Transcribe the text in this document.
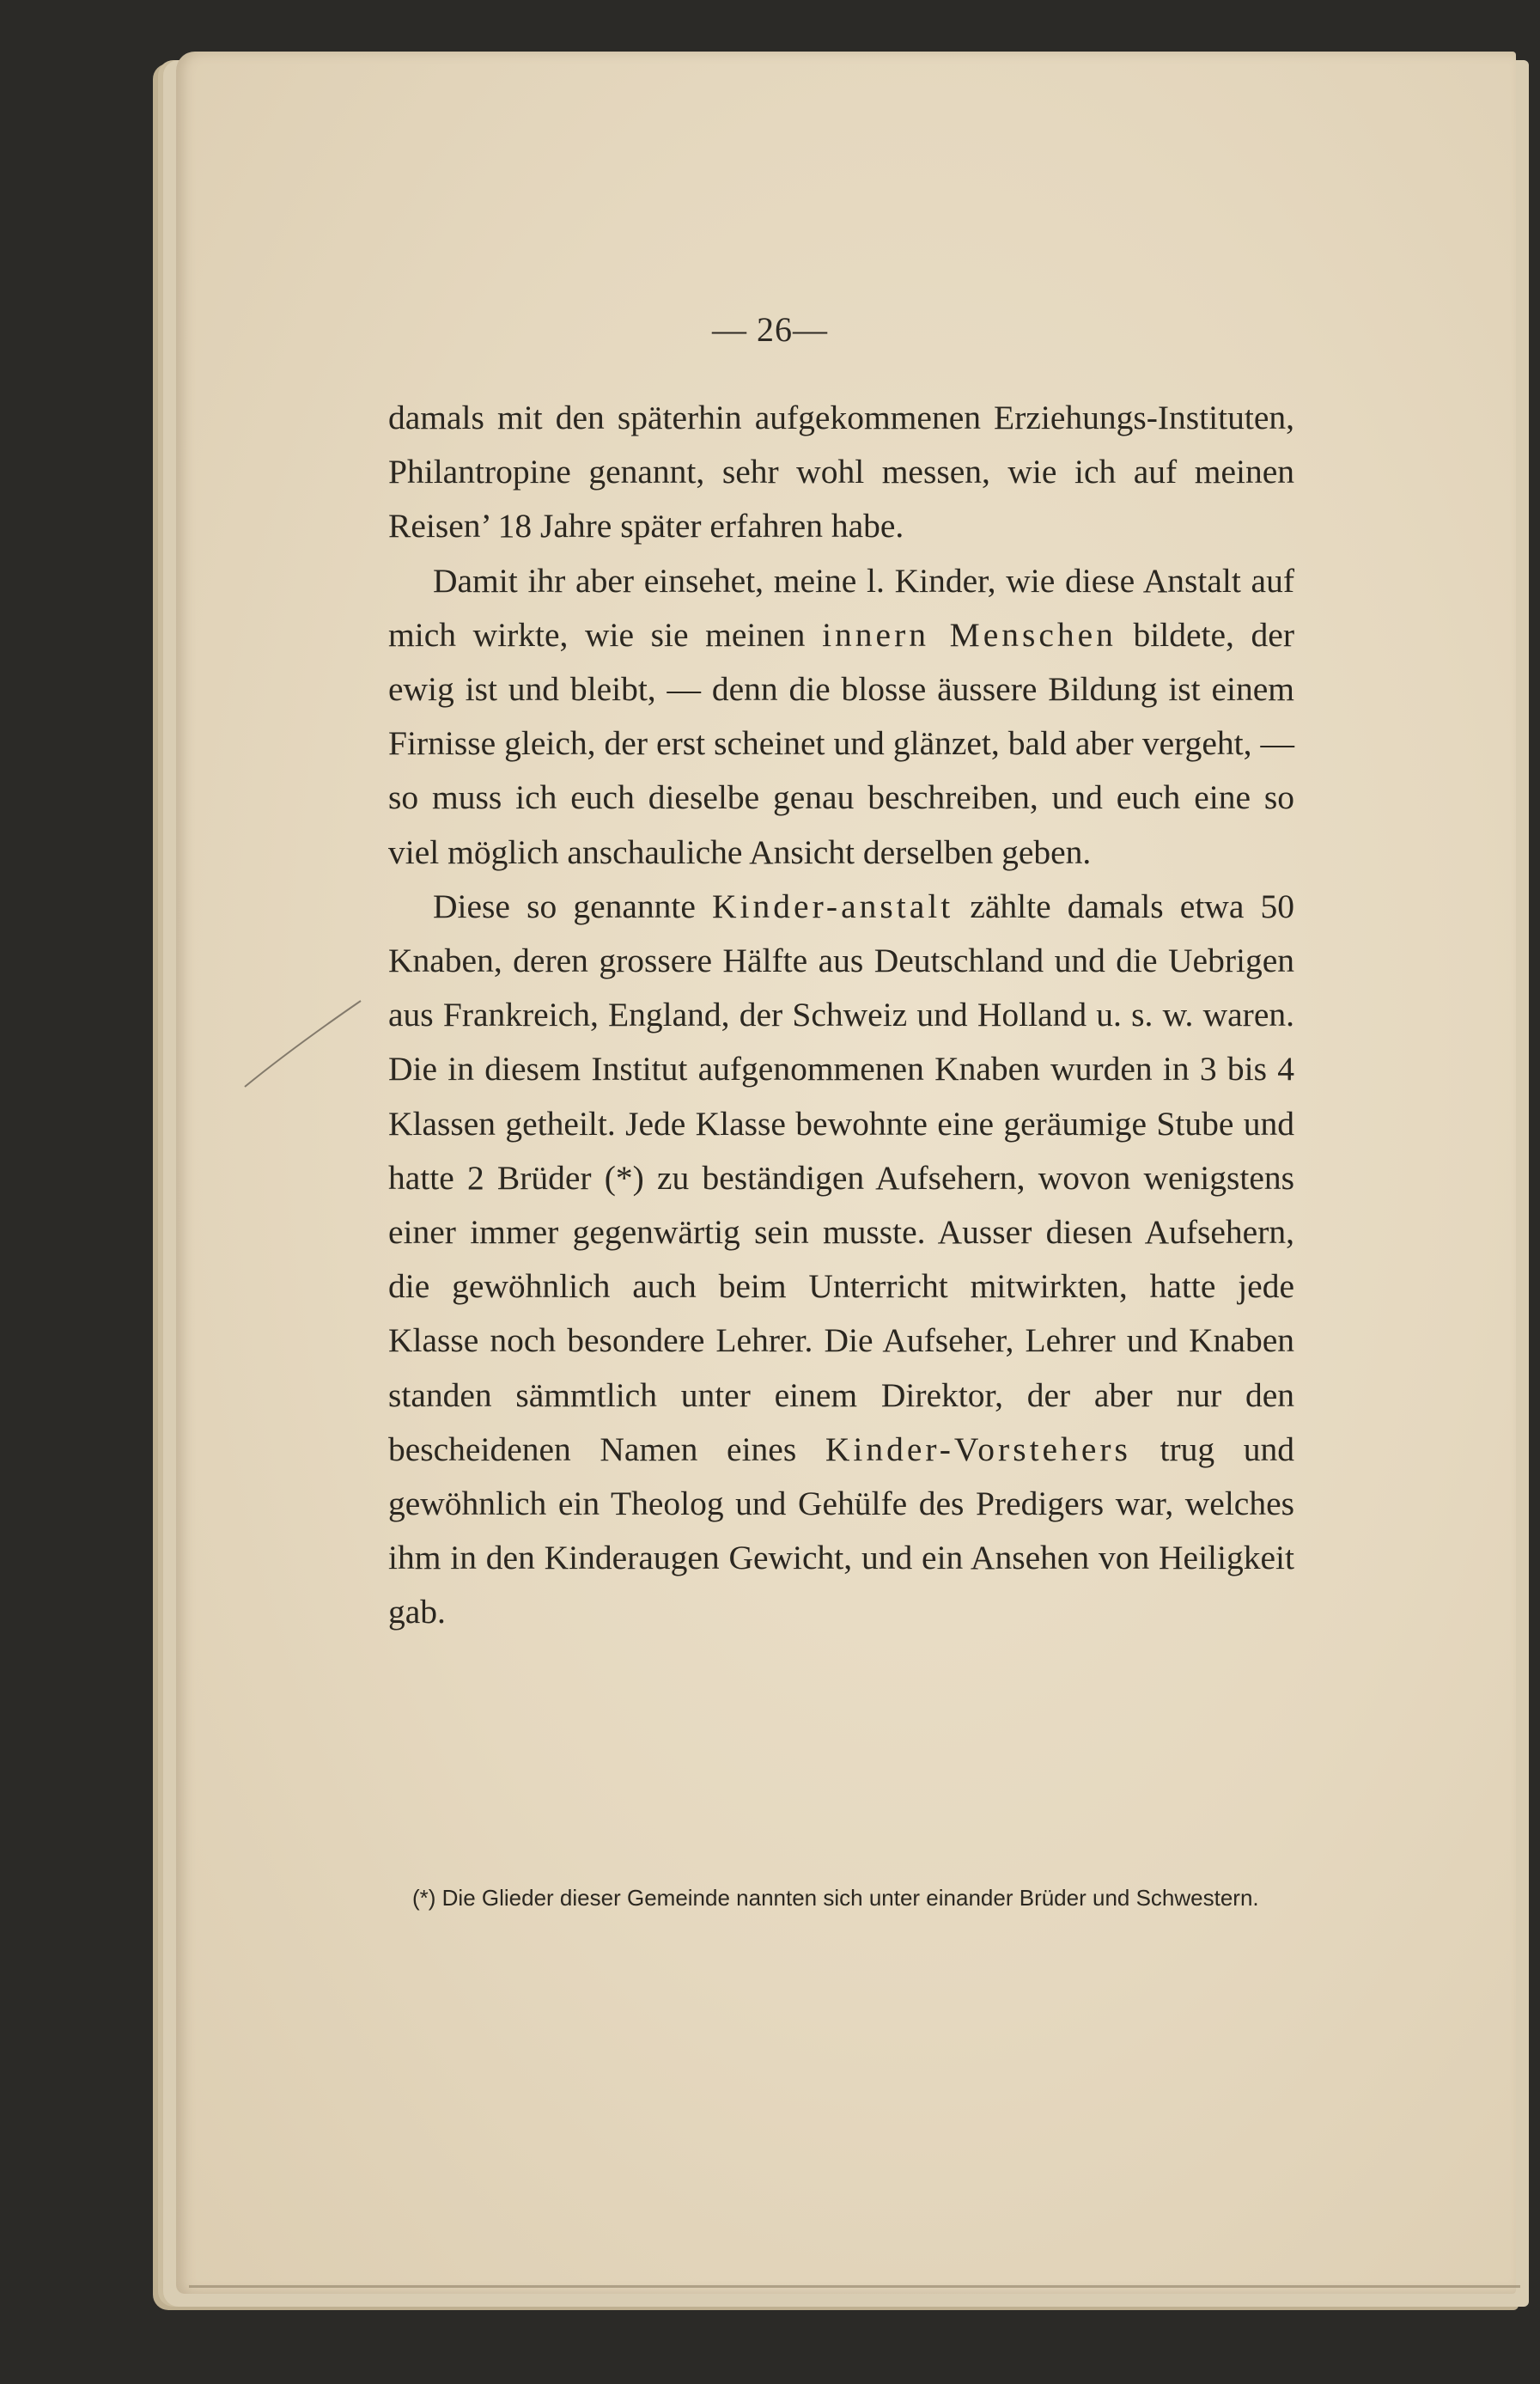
— 26—

damals mit den späterhin aufgekommenen Erziehungs-Instituten, Philantropine genannt, sehr wohl messen, wie ich auf meinen Reisen’ 18 Jahre später erfahren habe.

Damit ihr aber einsehet, meine l. Kinder, wie diese Anstalt auf mich wirkte, wie sie meinen innern Menschen bildete, der ewig ist und bleibt, — denn die blosse äussere Bildung ist einem Firnisse gleich, der erst scheinet und glänzet, bald aber vergeht, — so muss ich euch dieselbe genau beschreiben, und euch eine so viel möglich anschauliche Ansicht derselben geben.

Diese so genannte Kinder-anstalt zählte damals etwa 50 Knaben, deren grossere Hälfte aus Deutschland und die Uebrigen aus Frankreich, England, der Schweiz und Holland u. s. w. waren. Die in diesem Institut aufgenommenen Knaben wurden in 3 bis 4 Klassen getheilt. Jede Klasse bewohnte eine geräumige Stube und hatte 2 Brüder (*) zu beständigen Aufsehern, wovon wenigstens einer immer gegenwärtig sein musste. Ausser diesen Aufsehern, die gewöhnlich auch beim Unterricht mitwirkten, hatte jede Klasse noch besondere Lehrer. Die Aufseher, Lehrer und Knaben standen sämmtlich unter einem Direktor, der aber nur den bescheidenen Namen eines Kinder-Vorstehers trug und gewöhnlich ein Theolog und Gehülfe des Predigers war, welches ihm in den Kinderaugen Gewicht, und ein Ansehen von Heiligkeit gab.

(*) Die Glieder dieser Gemeinde nannten sich unter einander Brüder und Schwestern.
